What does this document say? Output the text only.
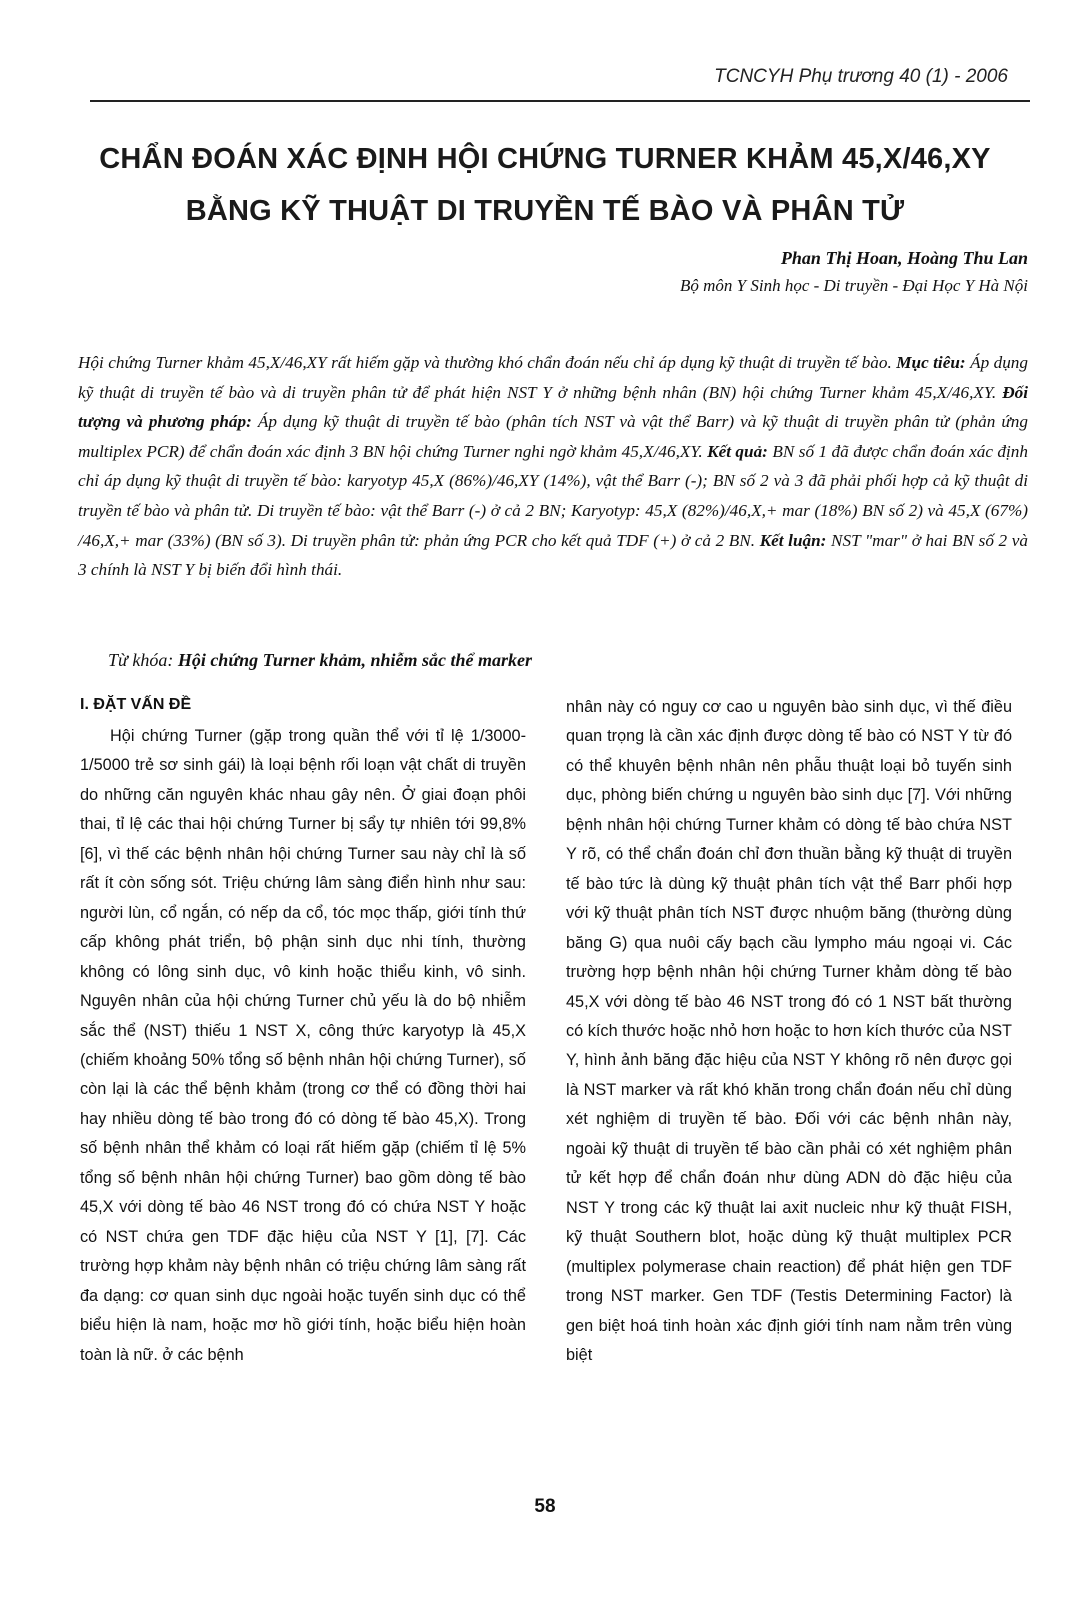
TCNCYH Phụ trương 40 (1) - 2006
CHẨN ĐOÁN XÁC ĐỊNH HỘI CHỨNG TURNER KHẢM 45,X/46,XY
BẰNG KỸ THUẬT DI TRUYỀN TẾ BÀO VÀ PHÂN TỬ
Phan Thị Hoan, Hoàng Thu Lan
Bộ môn Y Sinh học - Di truyền - Đại Học Y Hà Nội

Hội chứng Turner khảm 45,X/46,XY rất hiếm gặp và thường khó chẩn đoán nếu chỉ áp dụng kỹ thuật di truyền tế bào. Mục tiêu: Áp dụng kỹ thuật di truyền tế bào và di truyền phân tử để phát hiện NST Y ở những bệnh nhân (BN) hội chứng Turner khảm 45,X/46,XY. Đối tượng và phương pháp: Áp dụng kỹ thuật di truyền tế bào (phân tích NST và vật thể Barr) và kỹ thuật di truyền phân tử (phản ứng multiplex PCR) để chẩn đoán xác định 3 BN hội chứng Turner nghi ngờ khảm 45,X/46,XY. Kết quả: BN số 1 đã được chẩn đoán xác định chỉ áp dụng kỹ thuật di truyền tế bào: karyotyp 45,X (86%)/46,XY (14%), vật thể Barr (-); BN số 2 và 3 đã phải phối hợp cả kỹ thuật di truyền tế bào và phân tử. Di truyền tế bào: vật thể Barr (-) ở cả 2 BN; Karyotyp: 45,X (82%)/46,X,+ mar (18%) BN số 2) và 45,X (67%) /46,X,+ mar (33%) (BN số 3). Di truyền phân tử: phản ứng PCR cho kết quả TDF (+) ở cả 2 BN. Kết luận: NST "mar" ở hai BN số 2 và 3 chính là NST Y bị biến đổi hình thái.

Từ khóa: Hội chứng Turner khảm, nhiễm sắc thể marker

I. ĐẶT VẤN ĐỀ

Hội chứng Turner (gặp trong quần thể với tỉ lệ 1/3000-1/5000 trẻ sơ sinh gái) là loại bệnh rối loạn vật chất di truyền do những căn nguyên khác nhau gây nên. Ở giai đoạn phôi thai, tỉ lệ các thai hội chứng Turner bị sẩy tự nhiên tới 99,8% [6], vì thế các bệnh nhân hội chứng Turner sau này chỉ là số rất ít còn sống sót. Triệu chứng lâm sàng điển hình như sau: người lùn, cổ ngắn, có nếp da cổ, tóc mọc thấp, giới tính thứ cấp không phát triển, bộ phận sinh dục nhi tính, thường không có lông sinh dục, vô kinh hoặc thiểu kinh, vô sinh. Nguyên nhân của hội chứng Turner chủ yếu là do bộ nhiễm sắc thể (NST) thiếu 1 NST X, công thức karyotyp là 45,X (chiếm khoảng 50% tổng số bệnh nhân hội chứng Turner), số còn lại là các thể bệnh khảm (trong cơ thể có đồng thời hai hay nhiều dòng tế bào trong đó có dòng tế bào 45,X). Trong số bệnh nhân thể khảm có loại rất hiếm gặp (chiếm tỉ lệ 5% tổng số bệnh nhân hội chứng Turner) bao gồm dòng tế bào 45,X với dòng tế bào 46 NST trong đó có chứa NST Y hoặc có NST chứa gen TDF đặc hiệu của NST Y [1], [7]. Các trường hợp khảm này bệnh nhân có triệu chứng lâm sàng rất đa dạng: cơ quan sinh dục ngoài hoặc tuyến sinh dục có thể biểu hiện là nam, hoặc mơ hồ giới tính, hoặc biểu hiện hoàn toàn là nữ. ở các bệnh

nhân này có nguy cơ cao u nguyên bào sinh dục, vì thế điều quan trọng là cần xác định được dòng tế bào có NST Y từ đó có thể khuyên bệnh nhân nên phẫu thuật loại bỏ tuyến sinh dục, phòng biến chứng u nguyên bào sinh dục [7]. Với những bệnh nhân hội chứng Turner khảm có dòng tế bào chứa NST Y rõ, có thể chẩn đoán chỉ đơn thuần bằng kỹ thuật di truyền tế bào tức là dùng kỹ thuật phân tích vật thể Barr phối hợp với kỹ thuật phân tích NST được nhuộm băng (thường dùng băng G) qua nuôi cấy bạch cầu lympho máu ngoại vi. Các trường hợp bệnh nhân hội chứng Turner khảm dòng tế bào 45,X với dòng tế bào 46 NST trong đó có 1 NST bất thường có kích thước hoặc nhỏ hơn hoặc to hơn kích thước của NST Y, hình ảnh băng đặc hiệu của NST Y không rõ nên được gọi là NST marker và rất khó khăn trong chẩn đoán nếu chỉ dùng xét nghiệm di truyền tế bào. Đối với các bệnh nhân này, ngoài kỹ thuật di truyền tế bào cần phải có xét nghiệm phân tử kết hợp để chẩn đoán như dùng ADN dò đặc hiệu của NST Y trong các kỹ thuật lai axit nucleic như kỹ thuật FISH, kỹ thuật Southern blot, hoặc dùng kỹ thuật multiplex PCR (multiplex polymerase chain reaction) để phát hiện gen TDF trong NST marker. Gen TDF (Testis Determining Factor) là gen biệt hoá tinh hoàn xác định giới tính nam nằm trên vùng biệt

58
